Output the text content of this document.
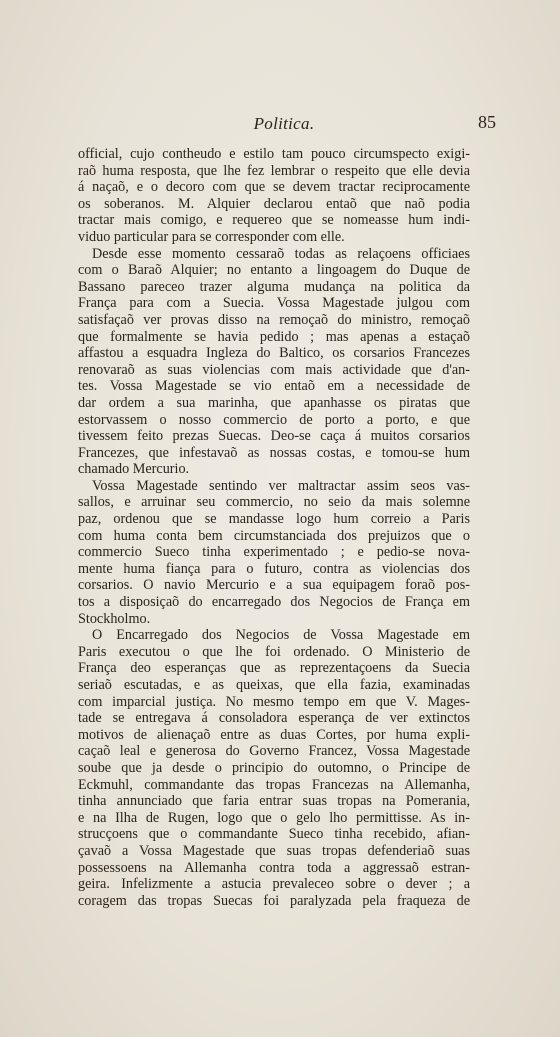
Politica.	85
official, cujo contheudo e estilo tam pouco circumspecto exigi-
raõ huma resposta, que lhe fez lembrar o respeito que elle devia
á naçaõ, e o decoro com que se devem tractar reciprocamente
os soberanos. M. Alquier declarou entaõ que naõ podia
tractar mais comigo, e requereo que se nomeasse hum indi-
viduo particular para se corresponder com elle.
Desde esse momento cessaraõ todas as relaçoens officiaes
com o Baraõ Alquier; no entanto a lingoagem do Duque de
Bassano pareceo trazer alguma mudança na politica da
França para com a Suecia. Vossa Magestade julgou com
satisfaçaõ ver provas disso na remoçaõ do ministro, remoçaõ
que formalmente se havia pedido ; mas apenas a estaçaõ
affastou a esquadra Ingleza do Baltico, os corsarios Francezes
renovaraõ as suas violencias com mais actividade que d'an-
tes. Vossa Magestade se vio entaõ em a necessidade de
dar ordem a sua marinha, que apanhasse os piratas que
estorvassem o nosso commercio de porto a porto, e que
tivessem feito prezas Suecas. Deo-se caça á muitos corsarios
Francezes, que infestavaõ as nossas costas, e tomou-se hum
chamado Mercurio.
Vossa Magestade sentindo ver maltractar assim seos vas-
sallos, e arruinar seu commercio, no seio da mais solemne
paz, ordenou que se mandasse logo hum correio a Paris
com huma conta bem circumstanciada dos prejuizos que o
commercio Sueco tinha experimentado ; e pedio-se nova-
mente huma fiança para o futuro, contra as violencias dos
corsarios. O navio Mercurio e a sua equipagem foraõ pos-
tos a disposiçaõ do encarregado dos Negocios de França em
Stockholmo.
O Encarregado dos Negocios de Vossa Magestade em
Paris executou o que lhe foi ordenado. O Ministerio de
França deo esperanças que as reprezentaçoens da Suecia
seriaõ escutadas, e as queixas, que ella fazia, examinadas
com imparcial justiça. No mesmo tempo em que V. Mages-
tade se entregava á consoladora esperança de ver extinctos
motivos de alienaçaõ entre as duas Cortes, por huma expli-
caçaõ leal e generosa do Governo Francez, Vossa Magestade
soube que ja desde o principio do outomno, o Principe de
Eckmuhl, commandante das tropas Francezas na Allemanha,
tinha annunciado que faria entrar suas tropas na Pomerania,
e na Ilha de Rugen, logo que o gelo lho permittisse. As in-
strucçoens que o commandante Sueco tinha recebido, afian-
çavaõ a Vossa Magestade que suas tropas defenderiaõ suas
possessoens na Allemanha contra toda a aggressaõ estran-
geira. Infelizmente a astucia prevaleceo sobre o dever ; a
coragem das tropas Suecas foi paralyzada pela fraqueza de
